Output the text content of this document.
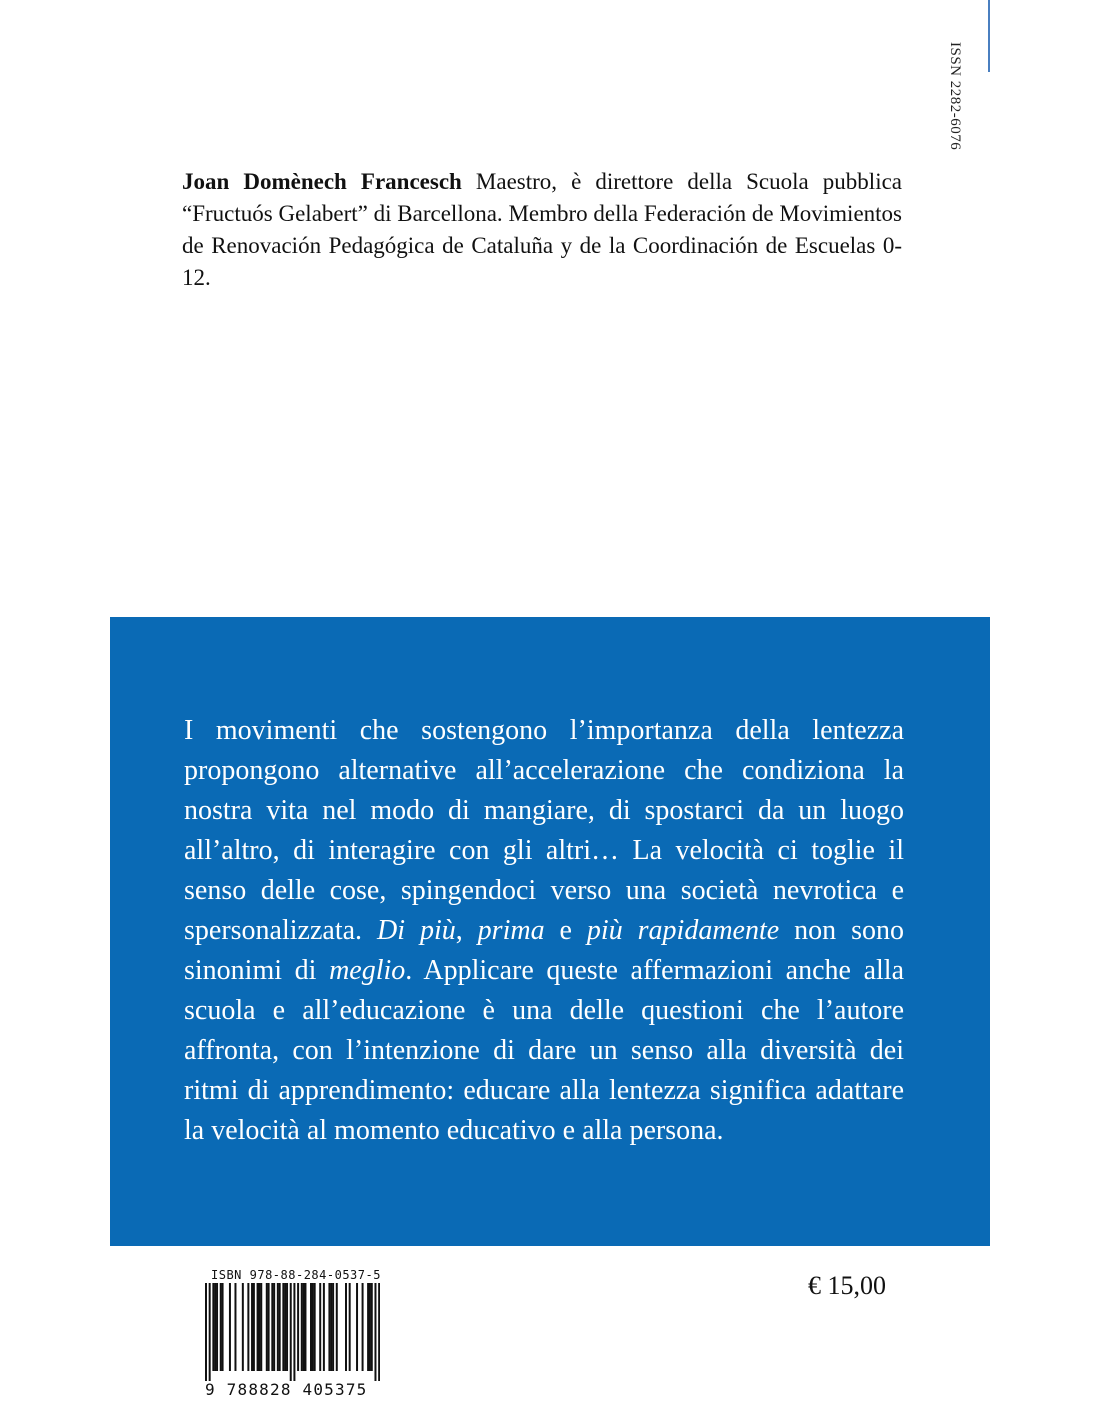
ISSN 2282-6076

Joan Domènech Francesch Maestro, è direttore della Scuola pubblica “Fructuós Gelabert” di Barcellona. Membro della Federación de Movimientos de Renovación Pedagógica de Cataluña y de la Coordinación de Escuelas 0-12.

I movimenti che sostengono l’importanza della lentezza propongono alternative all’accelerazione che condiziona la nostra vita nel modo di mangiare, di spostarci da un luogo all’altro, di interagire con gli altri… La velocità ci toglie il senso delle cose, spingendoci verso una società nevrotica e spersonalizzata. Di più, prima e più rapidamente non sono sinonimi di meglio. Applicare queste affermazioni anche alla scuola e all’educazione è una delle questioni che l’autore affronta, con l’intenzione di dare un senso alla diversità dei ritmi di apprendimento: educare alla lentezza significa adattare la velocità al momento educativo e alla persona.

ISBN 978-88-284-0537-5
9 788828 405375
€ 15,00
